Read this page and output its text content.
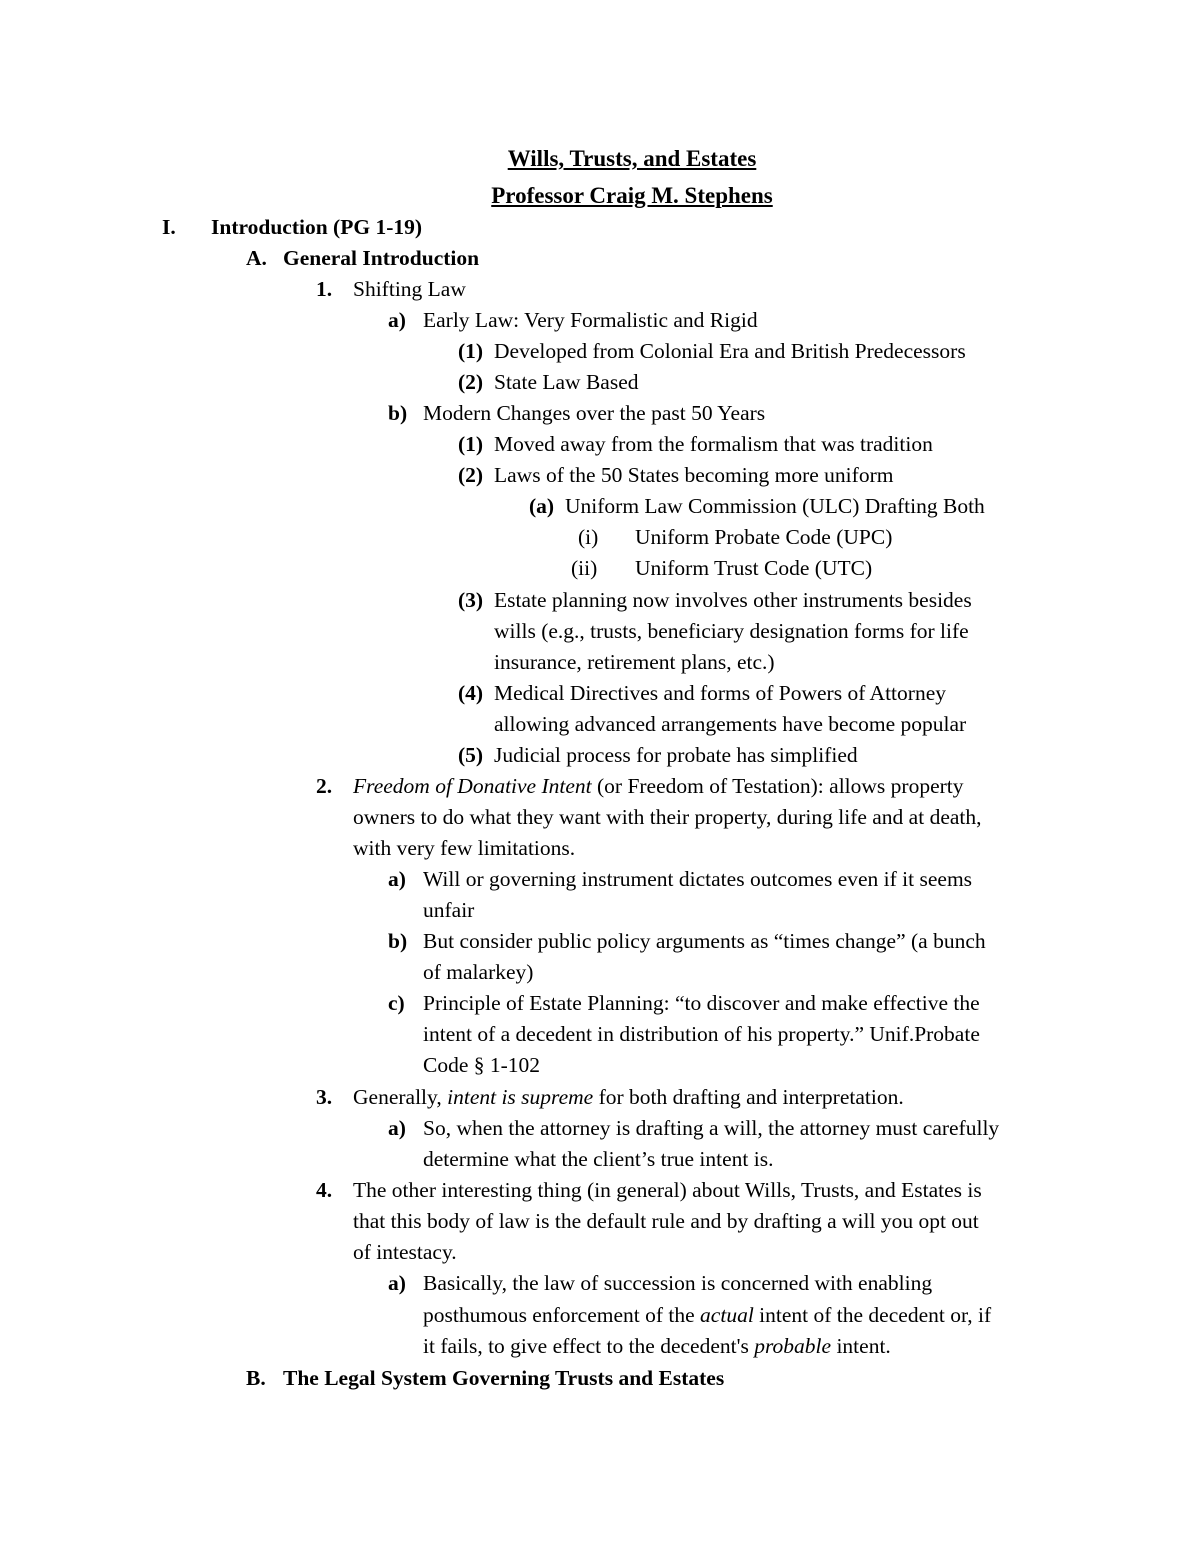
Wills, Trusts, and Estates
Professor Craig M. Stephens
I. Introduction (PG 1-19)
A. General Introduction
1. Shifting Law
a) Early Law: Very Formalistic and Rigid
(1) Developed from Colonial Era and British Predecessors
(2) State Law Based
b) Modern Changes over the past 50 Years
(1) Moved away from the formalism that was tradition
(2) Laws of the 50 States becoming more uniform
(a) Uniform Law Commission (ULC) Drafting Both
(i) Uniform Probate Code (UPC)
(ii) Uniform Trust Code (UTC)
(3) Estate planning now involves other instruments besides
wills (e.g., trusts, beneficiary designation forms for life
insurance, retirement plans, etc.)
(4) Medical Directives and forms of Powers of Attorney
allowing advanced arrangements have become popular
(5) Judicial process for probate has simplified
2. Freedom of Donative Intent (or Freedom of Testation): allows property
owners to do what they want with their property, during life and at death,
with very few limitations.
a) Will or governing instrument dictates outcomes even if it seems
unfair
b) But consider public policy arguments as “times change” (a bunch
of malarkey)
c) Principle of Estate Planning: “to discover and make effective the
intent of a decedent in distribution of his property.” Unif.Probate
Code § 1-102
3. Generally, intent is supreme for both drafting and interpretation.
a) So, when the attorney is drafting a will, the attorney must carefully
determine what the client’s true intent is.
4. The other interesting thing (in general) about Wills, Trusts, and Estates is
that this body of law is the default rule and by drafting a will you opt out
of intestacy.
a) Basically, the law of succession is concerned with enabling
posthumous enforcement of the actual intent of the decedent or, if
it fails, to give effect to the decedent's probable intent.
B. The Legal System Governing Trusts and Estates
